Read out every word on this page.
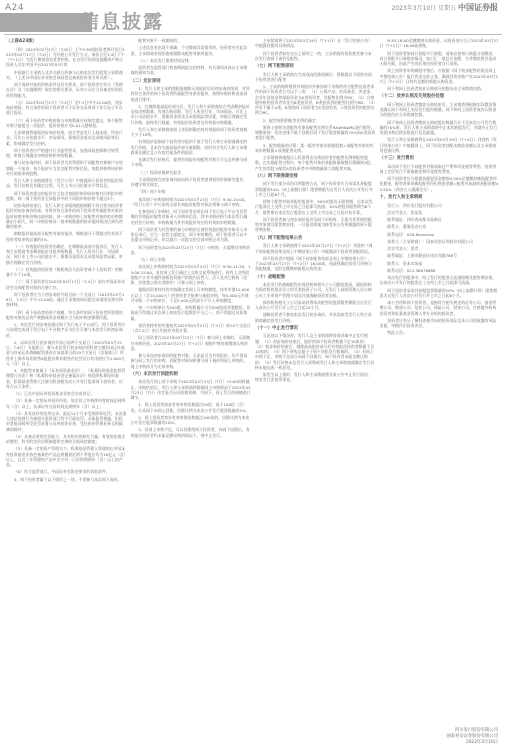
A24
信息披露
2023年3月10日 星期五 中国证券报

（上接A23版）

（四）2023年03月27日（T-6日）上午9:30周投资者将开发行2023年03月17日（T-4日）为开展公开发行方式，询价日至T-4日下午（T+1日）为发行期周投资者者和协，在启发行的同意提醒资产转让投资人关注中国平台2023年03月的

中国银行主承销人及其关联方所参与认购本次发行股票主承销商对。（上述以中国证券业协会网站登记备案投资者名单为准）。

网下询价对象的资格条件及有关要求，网下投资者应符合《管理办法》及《实施细则》规定的相关要求，证券公司应当具备良好的投资管理能力。

（五）2023年03月17日（T-4日）至T-3日中午12:00前，初步询价期间，符合条件的网下投资者可于证券交易所网下发行电子平台进行报价。

（六）网下投资者申购价格与申购数量应按规定提交，每个配售对象只能提交一次报价，报价价格应为0.01元整数倍。

主承销商将根据初步询价结果，综合考虑发行人基本面、所处行业、可比公司估值水平、市场情况、募集资金需求及承销风险等因素，协商确定发行价格。

网下投资者应严格遵守行业监管要求，加强风险控制和合规管理，审慎合理确定申购价格和申购数量。

参与初步询价时，网下投资者为其管理的不同配售对象账户分别填报一个报价，每个报价应当包含配售对象信息、每股价格和该价格对应的拟申购股数。

发行人和主承销商将在《发行公告》中披露网下投资者的报价情况、发行价格及其确定过程、可比上市公司估值水平等信息。

网下投资者提交的报价应当包含每股价格和该价格对应的拟申购股数，同一网下投资者全部报价中的不同拟申购价格不超过3个。

初步询价结束后，发行人和主承销商根据剔除不符合要求投资者报价的初步询价结果，对所有符合条件的网下投资者所属配售对象的报价按照申购价格由高到低、同一申购价格上按配售对象的拟申购数量由小到大、同一申购价格同一拟申购数量的按申报时间由后到先的顺序排序。

剔除报价最高部分配售对象的报价，剔除部分不得超过所有网下投资者拟申购总量的3%。

（一）有效报价投资者的确定，在剔除最高部分报价后，发行人和主承销商考虑剩余报价及拟申购数量、发行人所处行业、市场情况、同行业上市公司估值水平、募集资金需求及承销风险等因素，审慎合理确定发行价格。

（二）有效报价投资者（指机构法人投资者或个人投资者）的数量不少于10家。

（三）网下投资者在2023年03月17日（T-4日）前在中国证券业协会完成配售对象的注册工作。

网下投资者应当于初步询价开始日前一个交易日（2023年03月16日，T-5日）中午12:00前，通过主承销商网站提交承诺函及相关核查材料。

（四）网下投资者的资产规模，符合条件的网下投资者所管理的配售对象的总资产规模或资金规模应当与拟申购金额相匹配。

1、本次发行初步询价通过网下发行电子平台进行，网下投资者应当办理完成网下发行电子平台数字证书后方可参与本次发行的初步询价。

2、以本次发行初步询价开始日前两个交易日（2023年03月15日，T-6日）为基准日，参与本次发行初步询价的科创主题封闭运作基金与封闭运作战略配售基金在该基准日前20个交易日（含基准日）所持有上海市场非限售A股股份和非限售存托凭证日均市值应为1,000万元（含）以上。

3、若配售对象属于《证券投资基金法》、《私募投资基金监督管理暂行办法》和《私募投资基金登记备案办法》规范的私募投资基金，私募基金管理人注册为科创板首次公开发行股票网下投资者，应符合以下条件。

（1）已在中国证券投资基金业协会完成登记；

（2）具备一定的证券投资经验，依法设立并持续经营时间达到两年（含）以上，从事证券交易时间达到两年（含）以上；

（3）具有良好的信用记录，最近12个月未受到刑事处罚、未因重大违法违规行为被相关监管部门给予行政处罚、采取监管措施，但投资者能证明所受处罚业务与证券投资业务、受托投资管理业务互相隔离的除外；

（4）具备必要的定价能力，具有相应的研究力量、有效的估值定价模型、科学的定价决策制度和完善的合规风控制度；

（5）具备一定的资产管理实力，私募基金管理人管理的在中国证券投资基金业协会备案的产品总规模最近两个季度应均为10亿元（含）以上，且近三年管理的产品中至少有一只存续期两年（含）以上的产品。

（6）符合监管部门、中国证券业协会要求的其他条件。

4、网下投资者属于以下情形之一的，不得参与本次网下询价。

配售对象不一致期间的。

上述信息若出现不准确、不完整或异常情形的，投资者应对此负责，主承销商有权拒绝或剔除该配售对象的报价。

（八）本次发行重要时间安排

投资者在监管部门核查期间提交的材料，有关事项具体以主承销商的通知为准。

（二）定价原则

1、发行人和主承销商根据剔除无效报价后的初步询价结果，对所有符合条件的网下投资者所属配售对象的报价，按照申购价格由高到低进行排序。

2、在剔除最高报价部分后，发行人和主承销商综合考虑剩余报价及拟申购数量、有效认购倍数、发行人所处行业、市场情况、可比上市公司估值水平、募集资金需求及承销风险等因素，审慎合理确定发行价格、最终发行数量、有效报价投资者及有效拟申购数量。

发行人和主承销商按照上述原则确定的有效报价网下投资者家数不少于10家。

有效报价是指网下投资者申报的不低于发行人和主承销商确定的发行价格，且未作为最高报价部分被剔除，同时符合发行人和主承销商事先确定且公告的其他条件的报价。

在确定发行价格后，提供有效报价的配售对象方可且必须参与网下申购。

（三）投资价值研究报告

主承销商将在初步询价前向网下投资者提供投资价值研究报告，并遵守相关规定。

（四）网下申购

本次网下申购的时间为2023年03月23日（T日）9:30-15:00。《发行公告》中公布的全部有效报价配售对象必须参与网下申购。

在参加网下申购时，网下投资者必须在网下发行电子平台为其管理的有效报价配售对象录入申购单信息，其中申购价格为本次发行确定的发行价格；申购数量为其有效报价对应的有效拟申购数量。

网下投资者为其管理的参与申购的全部有效报价配售对象录入申购记录后，应当一次性全部提交。网下申购期间，网下投资者可以多次提交申购记录，但以最后一次提交的全部申购记录为准。

网下投资者在2023年03月23日（T日）申购时，无需缴付申购资金。

（五）网上申购

本次网上申购的时间为2023年03月23日（T日）9:30-11:30，13:00-15:00。本次网上发行通过上交所交易系统进行。持有上交所股票账户卡并开通科创板投资账户的境内自然人、法人及其它机构（法律、法规禁止购买者除外）可参与网上申购。

根据投资者持有的市值确定其网上可申购额度，持有市值10,000元以上（含10,000元）的投资者才能参与新股申购，每5,000元市值可申购一个申购单位，不足5,000元的部分不计入申购额度。

每一个申购单位为500股，申购数量应当为500股或其整数倍，但最高不得超过本次网上初始发行股数的千分之一，即不得超过具体数量。

投资者持有的市值按其2023年03月21日（T-2日）前20个交易日（含T-2日）的日均持有市值计算。

网上投资者在2023年03月23日（T日）参与网上申购时，无需缴付申购资金。2023年03月27日（T+2日）根据中签结果缴纳认购资金。

参与本次初步询价的配售对象，无论是否为有效报价，均不得再参与网上发行的申购。若配售对象同时参与网下询价和网上申购的，网上申购部分为无效申购。

（六）本次发行回拨机制

本次发行网上网下申购于2023年03月23日（T日）15:00同时截止。申购结束后，发行人和主承销商将根据网上申购情况于2023年03月23日（T日）决定是否启动回拨机制，对网下、网上发行的规模进行调节。

1、网上投资者初步有效申购倍数超过50倍、低于100倍（含）的，应从网下向网上回拨，回拨比例为本次公开发行股票数量的5%；

2、网上投资者初步有效申购倍数超过100倍的，回拨比例为本次公开发行股票数量的10%；

3、若网上申购不足，可以回拨给网下投资者，向网下回拨后，有效报价投资者仍未能足额申购的情况下，则中止发行。

主承销商将于2023年03月24日（T+1日）在《发行结果公告》中披露回拨的具体情况。

网下投资者如存在以上情形之一的，主承销商有权拒绝其参与本次发行的网下询价及配售。

（七）网下配售原则

发行人和主承销商在完成双向回拨机制后，将根据以下原则对网下投资者进行配售：

1、主承销商将提供有效报价并参加网下申购的符合配售投资者条件的网下投资者分为以下三类：（1）公募产品、社保基金、养老金、企业年金基金和保险资金为A类投资者，其配售比例为RA；（2）合格境外机构投资者资金为B类投资者，B类投资者的配售比例为RB；（3）所有不属于A类、B类的网下投资者为C类投资者，C类投资者的配售比例为RC。

2、配售规则和配售比例的确定

原则上按照各类配售对象的配售比例关系RA≥RB≥RC进行配售，调整原则：优先安排不低于回拨后网下发行股票数量的70%向A类投资者进行配售。

3、配售数量的计算：某一配售对象的获配股数=该配售对象的有效申购数量×该类配售比例。

主承销商将根据以上标准得出各类投资者的配售比例和配售股数。在实施配售过程中，每个配售对象的获配数量取整后精确到1股，产生的零股分配给A类投资者中申购数量最大的配售对象。

（八）网下限售期安排

网下发行部分采用比例限售方式，网下投资者应当承诺其获配股票数量的10%（向上取整计算）限售期限为自发行人首次公开发行并上市之日起6个月。

即每个配售对象获配的股票中，90%的股份无限售期，自本次发行股票在上交所上市交易之日起即可流通；10%的股份限售期为6个月，限售期自本次发行股票在上交所上市交易之日起开始计算。

网下投资者参与初步询价报价及网下申购时，无需为其管理的配售对象填写限售期安排，一旦报价即视为接受本公告所披露的网下限售期安排。

（九）网下配售结果公告

发行人和主承销商将于2023年03月27日（T+2日）刊登的《网下初步配售结果及网上中签结果公告》中披露网下投资者获配情况。

网下投资者应根据《网下初步配售结果及网上中签结果公告》，于2023年03月27日（T+2日）16:00前，按最终确定的发行价格与获配数量，及时足额缴纳新股认购资金。

（十）战略配售

本次发行的战略配售由保荐机构相关子公司跟投组成，跟投机构为保荐机构依法设立的另类投资子公司，无发行人高级管理人员与核心员工专项资产管理计划及其他战略投资者安排。

保荐机构相关子公司承诺获得本次配售的股票限售期限为自发行人首次公开发行并上市之日起24个月。

战略投资者不参加本次发行初步询价，并承诺接受发行人和主承销商确定的发行价格。

（十一）中止发行情况

当出现以下情况时，发行人及主承销商将协商采取中止发行措施：（1）初步询价结束后，报价的网下投资者数量不足10家的；（2）初步询价结束后，剔除最高报价部分后有效报价投资者数量不足10家的；（3）网下申购总量小于网下初始发行数量的；（4）若网上申购不足，申购不足部分向网下回拨后，网下投资者未能足额认购的；（5）发行价格未达发行人预期或发行人和主承销商就确定发行价格未能达成一致意见。

如发生以上情形，发行人和主承销商将及时公告中止发行原因、恢复发行安排等事宜。

8:30-16:00足额缴纳认购资金，认购资金应当于2023年03月27日（T+2日）16:00前到账。

网下投资者如同日获配多只新股，请务必按每只新股分别缴款，同日获配多只新股的情况，如只汇一笔总计金额，合并缴款将会造成入账失败，由此产生的后果由投资者自行承担。

网上投资者申购新股中签后，应根据《网下初步配售结果及网上中签结果公告》履行资金交收义务，确保其资金账户在2023年03月27日（T+2日）日终有足额的新股认购资金。

网下和网上投资者放弃认购部分的股份由主承销商包销。

（十二）放弃认购及无效股份处理

网下和网上投资者缴款认购结束后，主承销商将根据实际缴款情况确认网下和网上实际发行股份数量。网下和网上投资者放弃认购部分的股份由主承销商包销。

网下和网上投资者缴款认购的股份数量合计不足本次公开发行数量的70%时，发行人和主承销商将中止本次新股发行，并就中止发行的原因和后续安排进行信息披露。

发行人和主承销商将在2023年03月29日（T+4日）刊登的《发行结果公告》中披露网上、网下投资者获配未缴款金额以及主承销商的包销比例。

（十三）发行费用

本次网下发行不向配售对象收取过户费和印花税等费用。投资者网上定价发行不收取佣金和印花税等费用。

网下投资者应当根据获配股票金额的0.50%足额缴纳新股配售经纪佣金，配售对象的新股配售经纪佣金金额=配售对象最终获配金额×0.50%（四舍五入精确至分）。

十、发行人和主承销商

发行人：四川发行股份有限公司

法定代表人：张某某

联系地址：四川省成都市高新区

联系人：董事会办公室

联系电话：028-8xxxxxxx

保荐人（主承销商）：国泰君安证券股份有限公司

法定代表人：贺青

联系地址：上海市静安区南京西路768号

联系人：资本市场部

联系电话：021-38676888

本次发行的股票中，网上发行的股票无流通限制及限售期安排，自本次公开发行的股票在上交所上市之日起即可流通。

网下投资者承诺其获配股票数量的10%（向上取整计算）限售期限为自发行人首次公开发行并上市之日起6个月。

本公告所称网下投资者，是指符合相关规定的证券公司、基金管理公司、期货公司、信托公司、保险公司、财务公司、合格境外机构投资者和私募基金管理人等专业机构投资者。

投资者应充分了解科创板市场的投资风险及本公司所披露的风险因素，审慎作出投资决定。

特此公告。

四川发行股份有限公司
国泰君安证券股份有限公司
2023年3月10日
